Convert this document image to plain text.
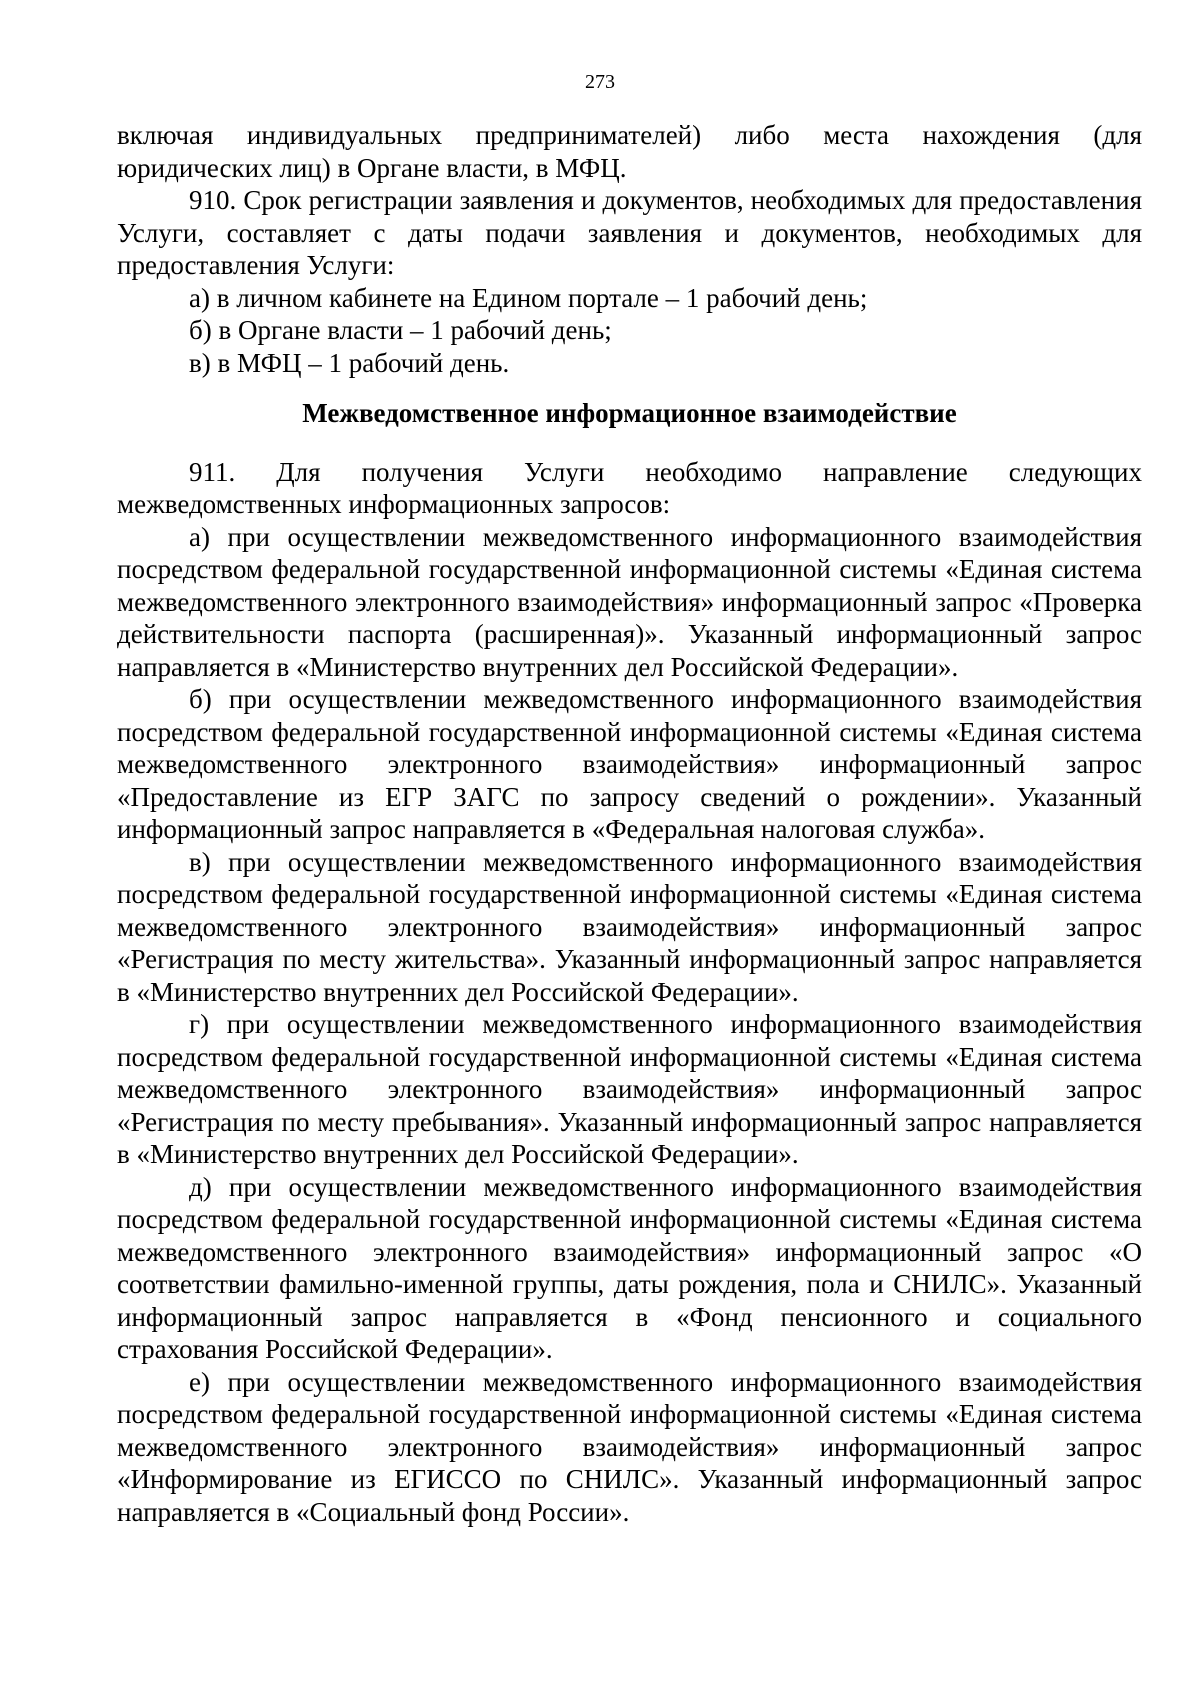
273

включая индивидуальных предпринимателей) либо места нахождения (для юридических лиц) в Органе власти, в МФЦ.

910. Срок регистрации заявления и документов, необходимых для предоставления Услуги, составляет с даты подачи заявления и документов, необходимых для предоставления Услуги:

а) в личном кабинете на Едином портале – 1 рабочий день;

б) в Органе власти – 1 рабочий день;

в) в МФЦ – 1 рабочий день.

Межведомственное информационное взаимодействие

911. Для получения Услуги необходимо направление следующих межведомственных информационных запросов:

а) при осуществлении межведомственного информационного взаимодействия посредством федеральной государственной информационной системы «Единая система межведомственного электронного взаимодействия» информационный запрос «Проверка действительности паспорта (расширенная)». Указанный информационный запрос направляется в «Министерство внутренних дел Российской Федерации».

б) при осуществлении межведомственного информационного взаимодействия посредством федеральной государственной информационной системы «Единая система межведомственного электронного взаимодействия» информационный запрос «Предоставление из ЕГР ЗАГС по запросу сведений о рождении». Указанный информационный запрос направляется в «Федеральная налоговая служба».

в) при осуществлении межведомственного информационного взаимодействия посредством федеральной государственной информационной системы «Единая система межведомственного электронного взаимодействия» информационный запрос «Регистрация по месту жительства». Указанный информационный запрос направляется в «Министерство внутренних дел Российской Федерации».

г) при осуществлении межведомственного информационного взаимодействия посредством федеральной государственной информационной системы «Единая система межведомственного электронного взаимодействия» информационный запрос «Регистрация по месту пребывания». Указанный информационный запрос направляется в «Министерство внутренних дел Российской Федерации».

д) при осуществлении межведомственного информационного взаимодействия посредством федеральной государственной информационной системы «Единая система межведомственного электронного взаимодействия» информационный запрос «О соответствии фамильно-именной группы, даты рождения, пола и СНИЛС». Указанный информационный запрос направляется в «Фонд пенсионного и социального страхования Российской Федерации».

е) при осуществлении межведомственного информационного взаимодействия посредством федеральной государственной информационной системы «Единая система межведомственного электронного взаимодействия» информационный запрос «Информирование из ЕГИССО по СНИЛС». Указанный информационный запрос направляется в «Социальный фонд России».
